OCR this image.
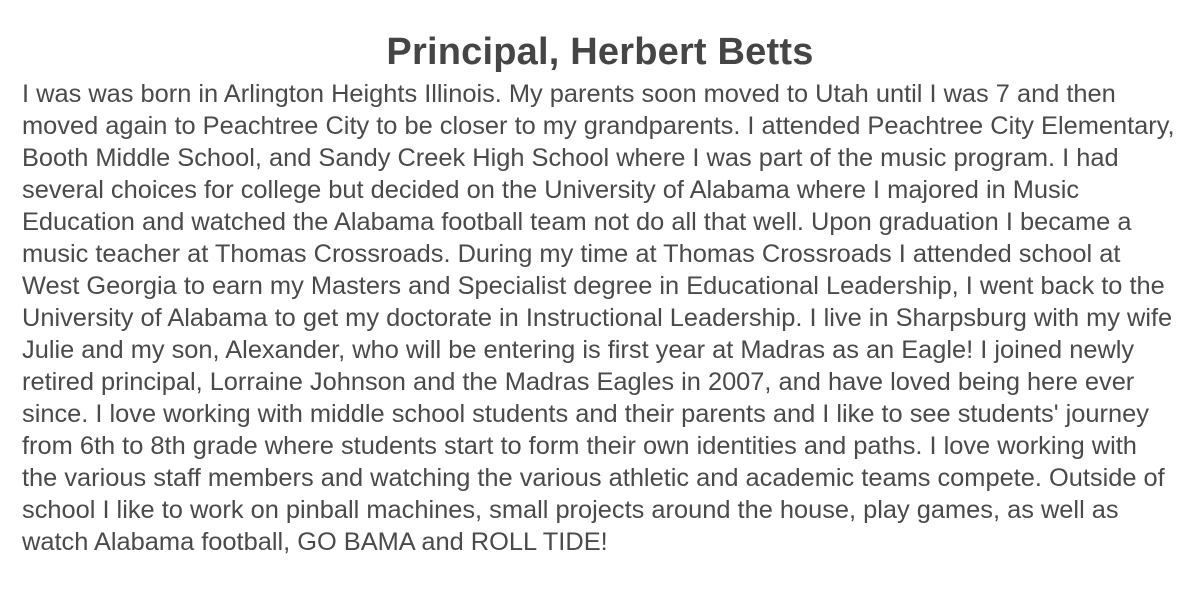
Principal, Herbert Betts

I was was born in Arlington Heights Illinois. My parents soon moved to Utah until I was 7 and then moved again to Peachtree City to be closer to my grandparents. I attended Peachtree City Elementary, Booth Middle School, and Sandy Creek High School where I was part of the music program. I had several choices for college but decided on the University of Alabama where I majored in Music Education and watched the Alabama football team not do all that well. Upon graduation I became a music teacher at Thomas Crossroads. During my time at Thomas Crossroads I attended school at West Georgia to earn my Masters and Specialist degree in Educational Leadership, I went back to the University of Alabama to get my doctorate in Instructional Leadership. I live in Sharpsburg with my wife Julie and my son, Alexander, who will be entering is first year at Madras as an Eagle! I joined newly retired principal, Lorraine Johnson and the Madras Eagles in 2007, and have loved being here ever since. I love working with middle school students and their parents and I like to see students' journey from 6th to 8th grade where students start to form their own identities and paths. I love working with the various staff members and watching the various athletic and academic teams compete. Outside of school I like to work on pinball machines, small projects around the house, play games, as well as watch Alabama football, GO BAMA and ROLL TIDE!
